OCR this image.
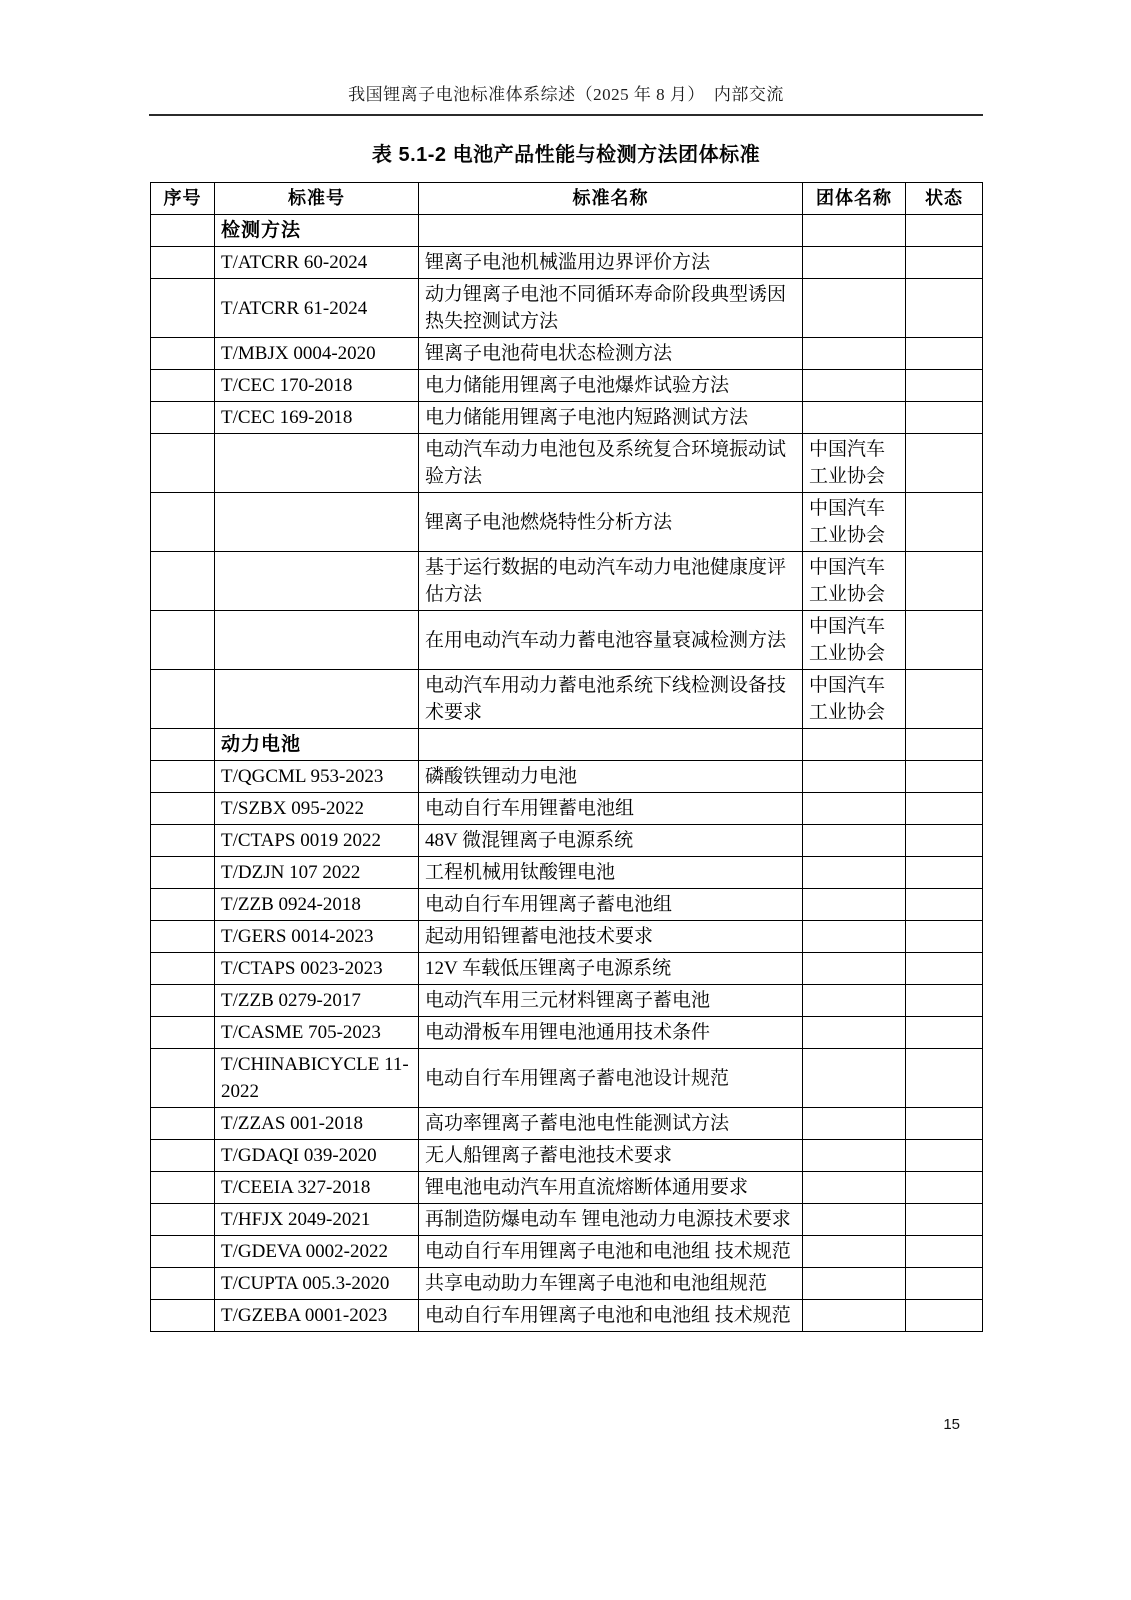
我国锂离子电池标准体系综述（2025 年 8 月）　内部交流
表 5.1-2 电池产品性能与检测方法团体标准
序号	标准号	标准名称	团体名称	状态
	检测方法			
	T/ATCRR 60-2024	锂离子电池机械滥用边界评价方法		
	T/ATCRR 61-2024	动力锂离子电池不同循环寿命阶段典型诱因热失控测试方法		
	T/MBJX 0004-2020	锂离子电池荷电状态检测方法		
	T/CEC 170-2018	电力储能用锂离子电池爆炸试验方法		
	T/CEC 169-2018	电力储能用锂离子电池内短路测试方法		
		电动汽车动力电池包及系统复合环境振动试验方法	中国汽车工业协会	
		锂离子电池燃烧特性分析方法	中国汽车工业协会	
		基于运行数据的电动汽车动力电池健康度评估方法	中国汽车工业协会	
		在用电动汽车动力蓄电池容量衰减检测方法	中国汽车工业协会	
		电动汽车用动力蓄电池系统下线检测设备技术要求	中国汽车工业协会	
	动力电池			
	T/QGCML 953-2023	磷酸铁锂动力电池		
	T/SZBX 095-2022	电动自行车用锂蓄电池组		
	T/CTAPS 0019 2022	48V 微混锂离子电源系统		
	T/DZJN 107 2022	工程机械用钛酸锂电池		
	T/ZZB 0924-2018	电动自行车用锂离子蓄电池组		
	T/GERS 0014-2023	起动用铅锂蓄电池技术要求		
	T/CTAPS 0023-2023	12V 车载低压锂离子电源系统		
	T/ZZB 0279-2017	电动汽车用三元材料锂离子蓄电池		
	T/CASME 705-2023	电动滑板车用锂电池通用技术条件		
	T/CHINABICYCLE 11-2022	电动自行车用锂离子蓄电池设计规范		
	T/ZZAS 001-2018	高功率锂离子蓄电池电性能测试方法		
	T/GDAQI 039-2020	无人船锂离子蓄电池技术要求		
	T/CEEIA 327-2018	锂电池电动汽车用直流熔断体通用要求		
	T/HFJX 2049-2021	再制造防爆电动车 锂电池动力电源技术要求		
	T/GDEVA 0002-2022	电动自行车用锂离子电池和电池组 技术规范		
	T/CUPTA 005.3-2020	共享电动助力车锂离子电池和电池组规范		
	T/GZEBA 0001-2023	电动自行车用锂离子电池和电池组 技术规范		
15
